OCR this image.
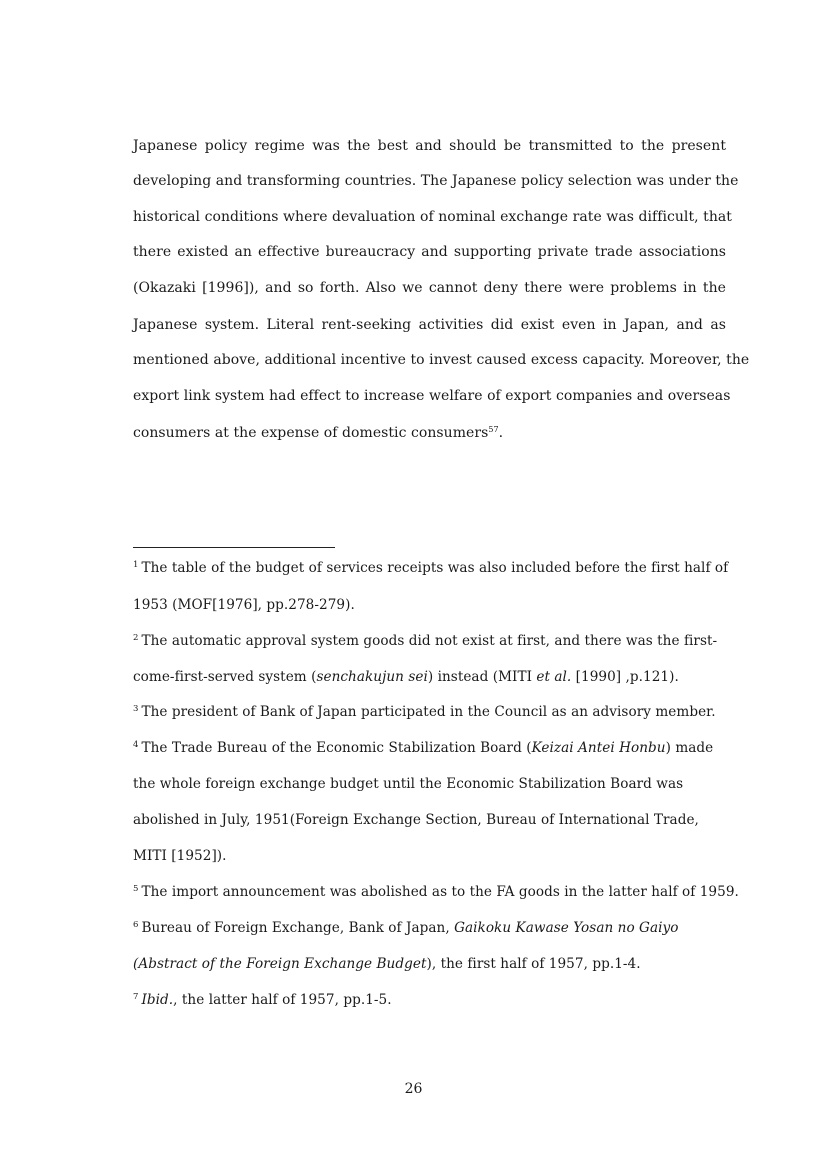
Japanese policy regime was the best and should be transmitted to the present
developing and transforming countries. The Japanese policy selection was under the
historical conditions where devaluation of nominal exchange rate was difficult, that
there existed an effective bureaucracy and supporting private trade associations
(Okazaki [1996]), and so forth. Also we cannot deny there were problems in the
Japanese system. Literal rent-seeking activities did exist even in Japan, and as
mentioned above, additional incentive to invest caused excess capacity. Moreover, the
export link system had effect to increase welfare of export companies and overseas
consumers at the expense of domestic consumers$^{57}$.
$^1$ The table of the budget of services receipts was also included before the first half of
1953 (MOF[1976], pp.278-279).
$^2$ The automatic approval system goods did not exist at first, and there was the first-
come-first-served system (senchakujun sei) instead (MITI et al. [1990] ,p.121).
$^3$ The president of Bank of Japan participated in the Council as an advisory member.
$^4$ The Trade Bureau of the Economic Stabilization Board (Keizai Antei Honbu) made
the whole foreign exchange budget until the Economic Stabilization Board was
abolished in July, 1951(Foreign Exchange Section, Bureau of International Trade,
MITI [1952]).
$^5$ The import announcement was abolished as to the FA goods in the latter half of 1959.
$^6$ Bureau of Foreign Exchange, Bank of Japan, Gaikoku Kawase Yosan no Gaiyo
(Abstract of the Foreign Exchange Budget), the first half of 1957, pp.1-4.
$^7$ Ibid., the latter half of 1957, pp.1-5.
26
